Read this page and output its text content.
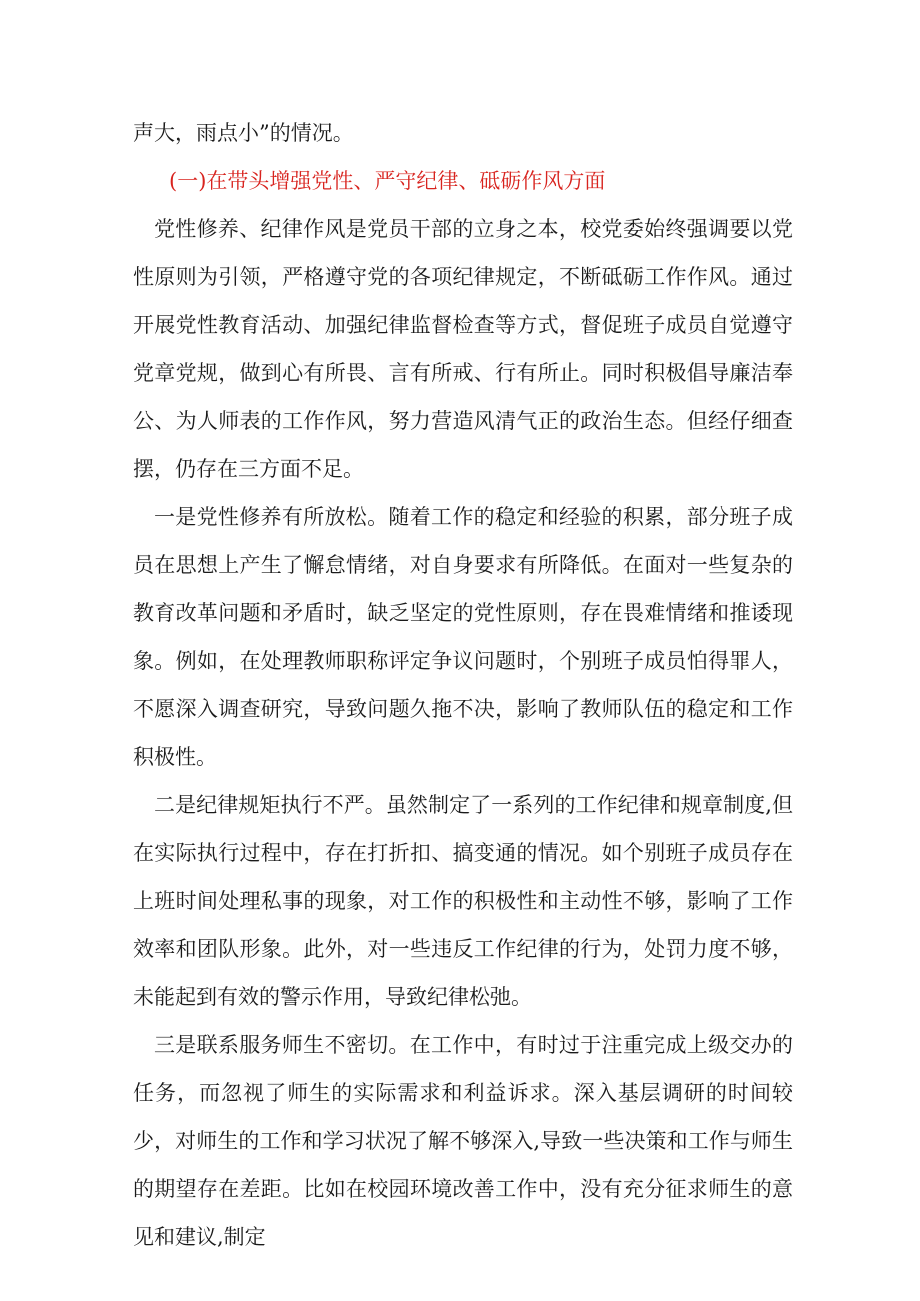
声大，雨点小”的情况。

(一)在带头增强党性、严守纪律、砥砺作风方面

党性修养、纪律作风是党员干部的立身之本，校党委始终强调要以党性原则为引领，严格遵守党的各项纪律规定，不断砥砺工作作风。通过开展党性教育活动、加强纪律监督检查等方式，督促班子成员自觉遵守党章党规，做到心有所畏、言有所戒、行有所止。同时积极倡导廉洁奉公、为人师表的工作作风，努力营造风清气正的政治生态。但经仔细查摆，仍存在三方面不足。

一是党性修养有所放松。随着工作的稳定和经验的积累，部分班子成员在思想上产生了懈怠情绪，对自身要求有所降低。在面对一些复杂的教育改革问题和矛盾时，缺乏坚定的党性原则，存在畏难情绪和推诿现象。例如，在处理教师职称评定争议问题时，个别班子成员怕得罪人，不愿深入调查研究，导致问题久拖不决，影响了教师队伍的稳定和工作积极性。

二是纪律规矩执行不严。虽然制定了一系列的工作纪律和规章制度,但在实际执行过程中，存在打折扣、搞变通的情况。如个别班子成员存在上班时间处理私事的现象，对工作的积极性和主动性不够，影响了工作效率和团队形象。此外，对一些违反工作纪律的行为，处罚力度不够，未能起到有效的警示作用，导致纪律松弛。

三是联系服务师生不密切。在工作中，有时过于注重完成上级交办的任务，而忽视了师生的实际需求和利益诉求。深入基层调研的时间较少，对师生的工作和学习状况了解不够深入,导致一些决策和工作与师生的期望存在差距。比如在校园环境改善工作中，没有充分征求师生的意见和建议,制定
